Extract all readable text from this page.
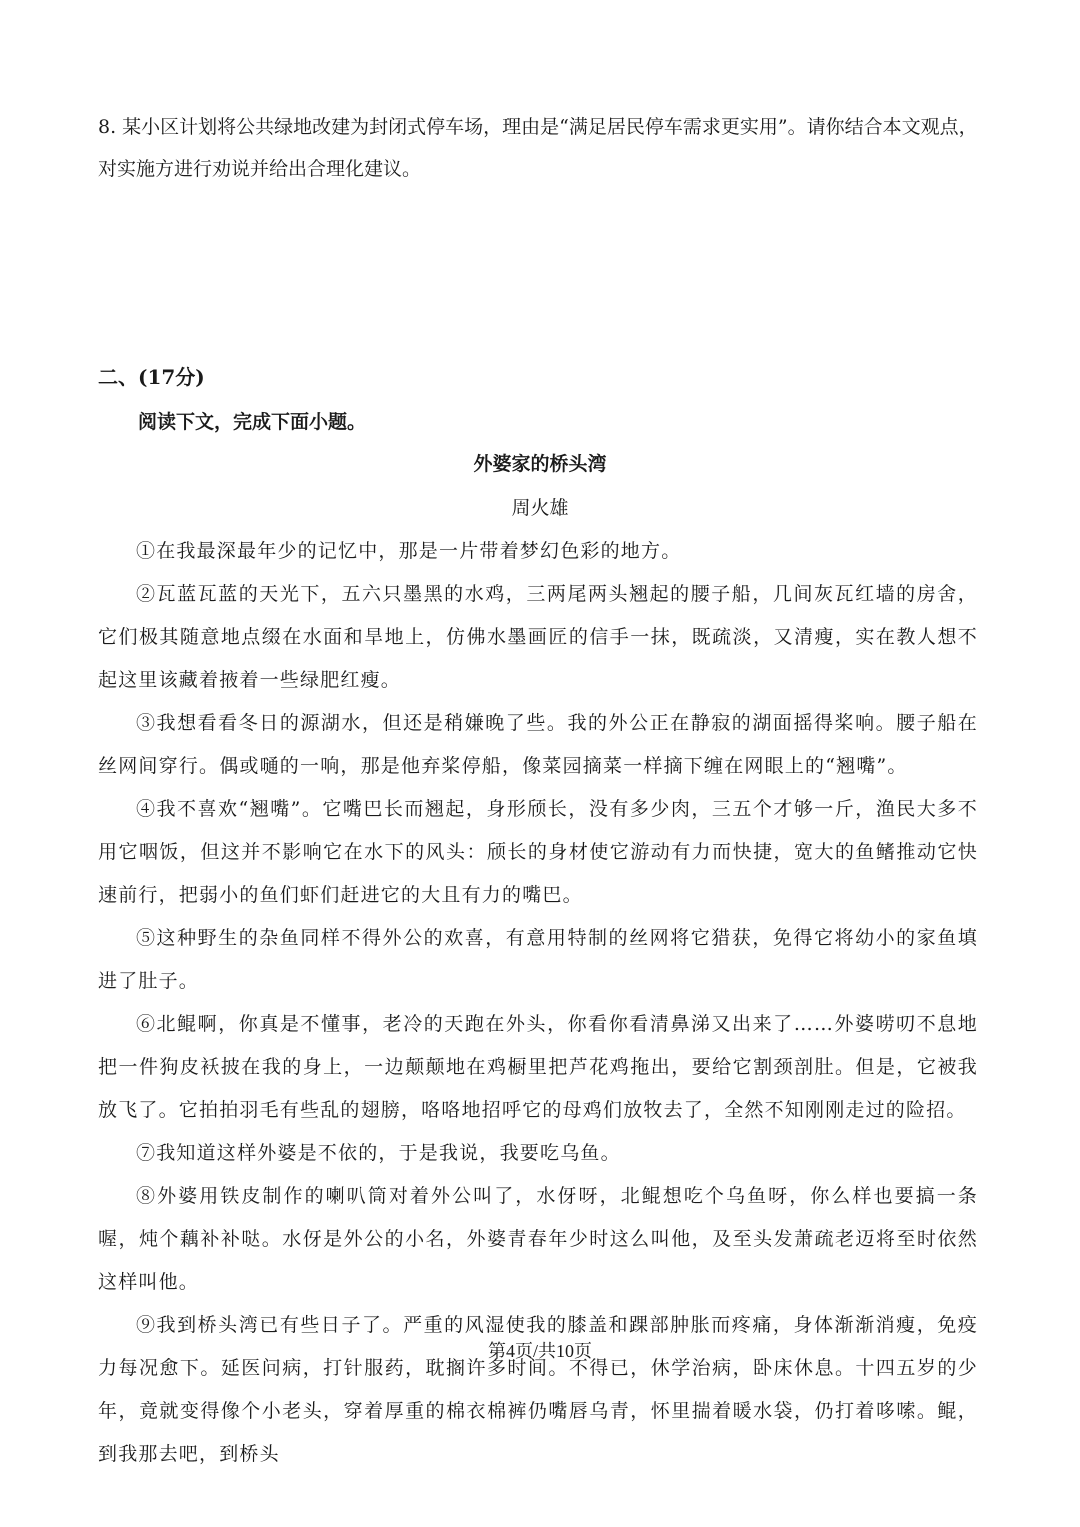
8. 某小区计划将公共绿地改建为封闭式停车场，理由是“满足居民停车需求更实用”。请你结合本文观点，对实施方进行劝说并给出合理化建议。

二、(17分)

阅读下文，完成下面小题。

外婆家的桥头湾

周火雄

①在我最深最年少的记忆中，那是一片带着梦幻色彩的地方。

②瓦蓝瓦蓝的天光下，五六只墨黑的水鸡，三两尾两头翘起的腰子船，几间灰瓦红墙的房舍，它们极其随意地点缀在水面和旱地上，仿佛水墨画匠的信手一抹，既疏淡，又清瘦，实在教人想不起这里该藏着掖着一些绿肥红瘦。

③我想看看冬日的源湖水，但还是稍嫌晚了些。我的外公正在静寂的湖面摇得桨响。腰子船在丝网间穿行。偶或嗵的一响，那是他弃桨停船，像菜园摘菜一样摘下缠在网眼上的“翘嘴”。

④我不喜欢“翘嘴”。它嘴巴长而翘起，身形颀长，没有多少肉，三五个才够一斤，渔民大多不用它咽饭，但这并不影响它在水下的风头：颀长的身材使它游动有力而快捷，宽大的鱼鳍推动它快速前行，把弱小的鱼们虾们赶进它的大且有力的嘴巴。

⑤这种野生的杂鱼同样不得外公的欢喜，有意用特制的丝网将它猎获，免得它将幼小的家鱼填进了肚子。

⑥北鲲啊，你真是不懂事，老冷的天跑在外头，你看你看清鼻涕又出来了……外婆唠叨不息地把一件狗皮袄披在我的身上，一边颠颠地在鸡橱里把芦花鸡拖出，要给它割颈剖肚。但是，它被我放飞了。它拍拍羽毛有些乱的翅膀，咯咯地招呼它的母鸡们放牧去了，全然不知刚刚走过的险招。

⑦我知道这样外婆是不依的，于是我说，我要吃乌鱼。

⑧外婆用铁皮制作的喇叭筒对着外公叫了，水伢呀，北鲲想吃个乌鱼呀，你么样也要搞一条喔，炖个藕补补哒。水伢是外公的小名，外婆青春年少时这么叫他，及至头发萧疏老迈将至时依然这样叫他。

⑨我到桥头湾已有些日子了。严重的风湿使我的膝盖和踝部肿胀而疼痛，身体渐渐消瘦，免疫力每况愈下。延医问病，打针服药，耽搁许多时间。不得已，休学治病，卧床休息。十四五岁的少年，竟就变得像个小老头，穿着厚重的棉衣棉裤仍嘴唇乌青，怀里揣着暖水袋，仍打着哆嗦。鲲，到我那去吧，到桥头

第4页/共10页
